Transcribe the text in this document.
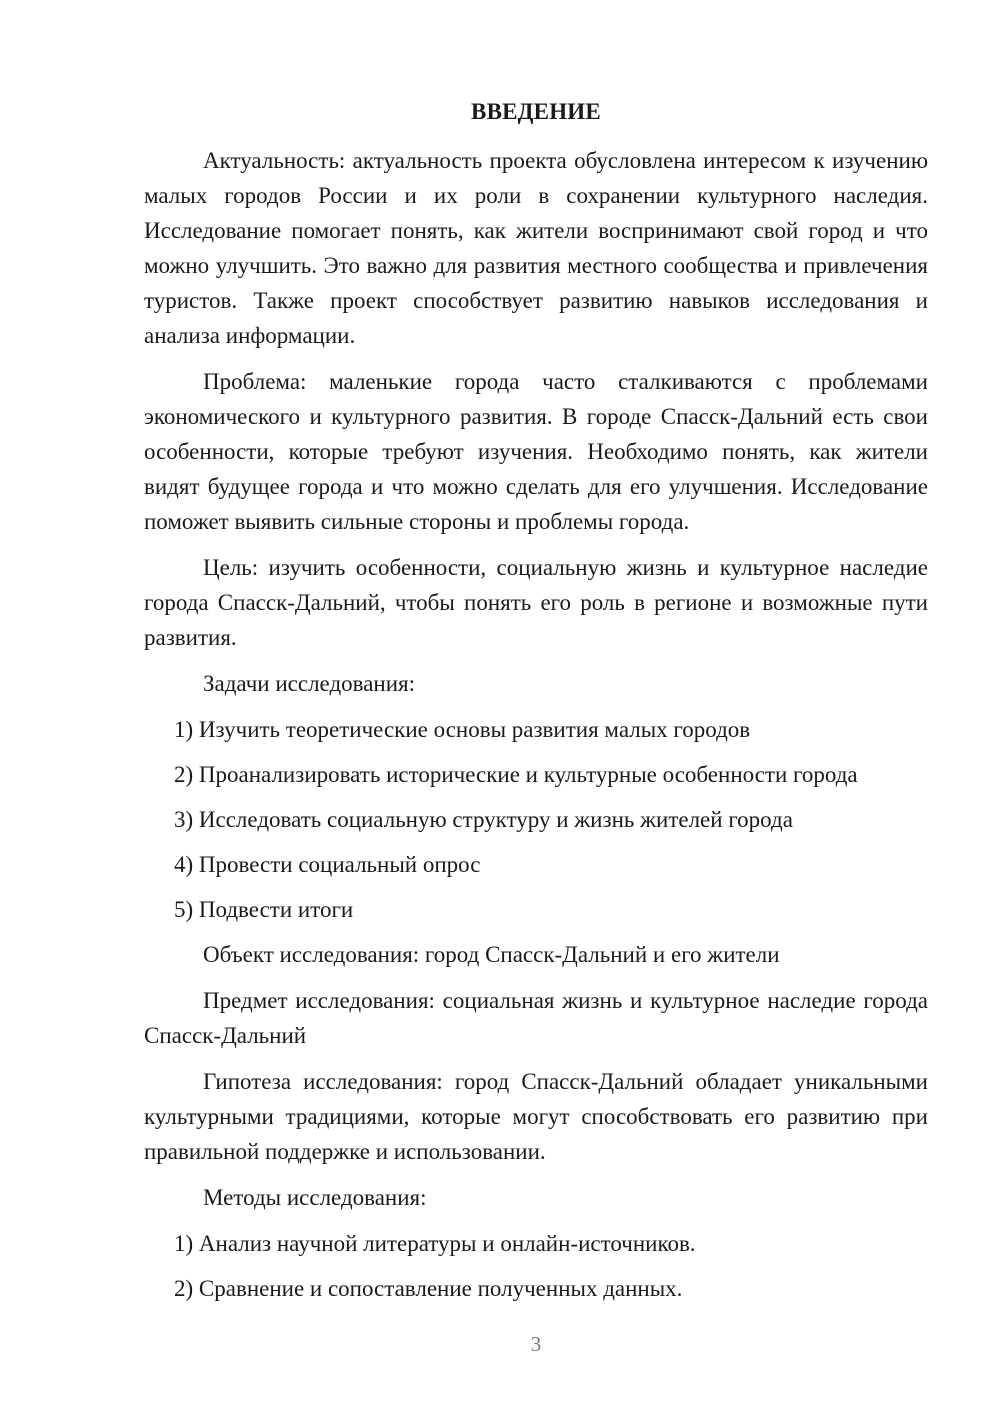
ВВЕДЕНИЕ

Актуальность: актуальность проекта обусловлена интересом к изучению малых городов России и их роли в сохранении культурного наследия. Исследование помогает понять, как жители воспринимают свой город и что можно улучшить. Это важно для развития местного сообщества и привлечения туристов. Также проект способствует развитию навыков исследования и анализа информации.

Проблема: маленькие города часто сталкиваются с проблемами экономического и культурного развития. В городе Спасск-Дальний есть свои особенности, которые требуют изучения. Необходимо понять, как жители видят будущее города и что можно сделать для его улучшения. Исследование поможет выявить сильные стороны и проблемы города.

Цель: изучить особенности, социальную жизнь и культурное наследие города Спасск-Дальний, чтобы понять его роль в регионе и возможные пути развития.

Задачи исследования:

1) Изучить теоретические основы развития малых городов

2) Проанализировать исторические и культурные особенности города

3) Исследовать социальную структуру и жизнь жителей города

4) Провести социальный опрос

5) Подвести итоги

Объект исследования: город Спасск-Дальний и его жители

Предмет исследования: социальная жизнь и культурное наследие города Спасск-Дальний

Гипотеза исследования: город Спасск-Дальний обладает уникальными культурными традициями, которые могут способствовать его развитию при правильной поддержке и использовании.

Методы исследования:

1) Анализ научной литературы и онлайн-источников.

2) Сравнение и сопоставление полученных данных.

3
